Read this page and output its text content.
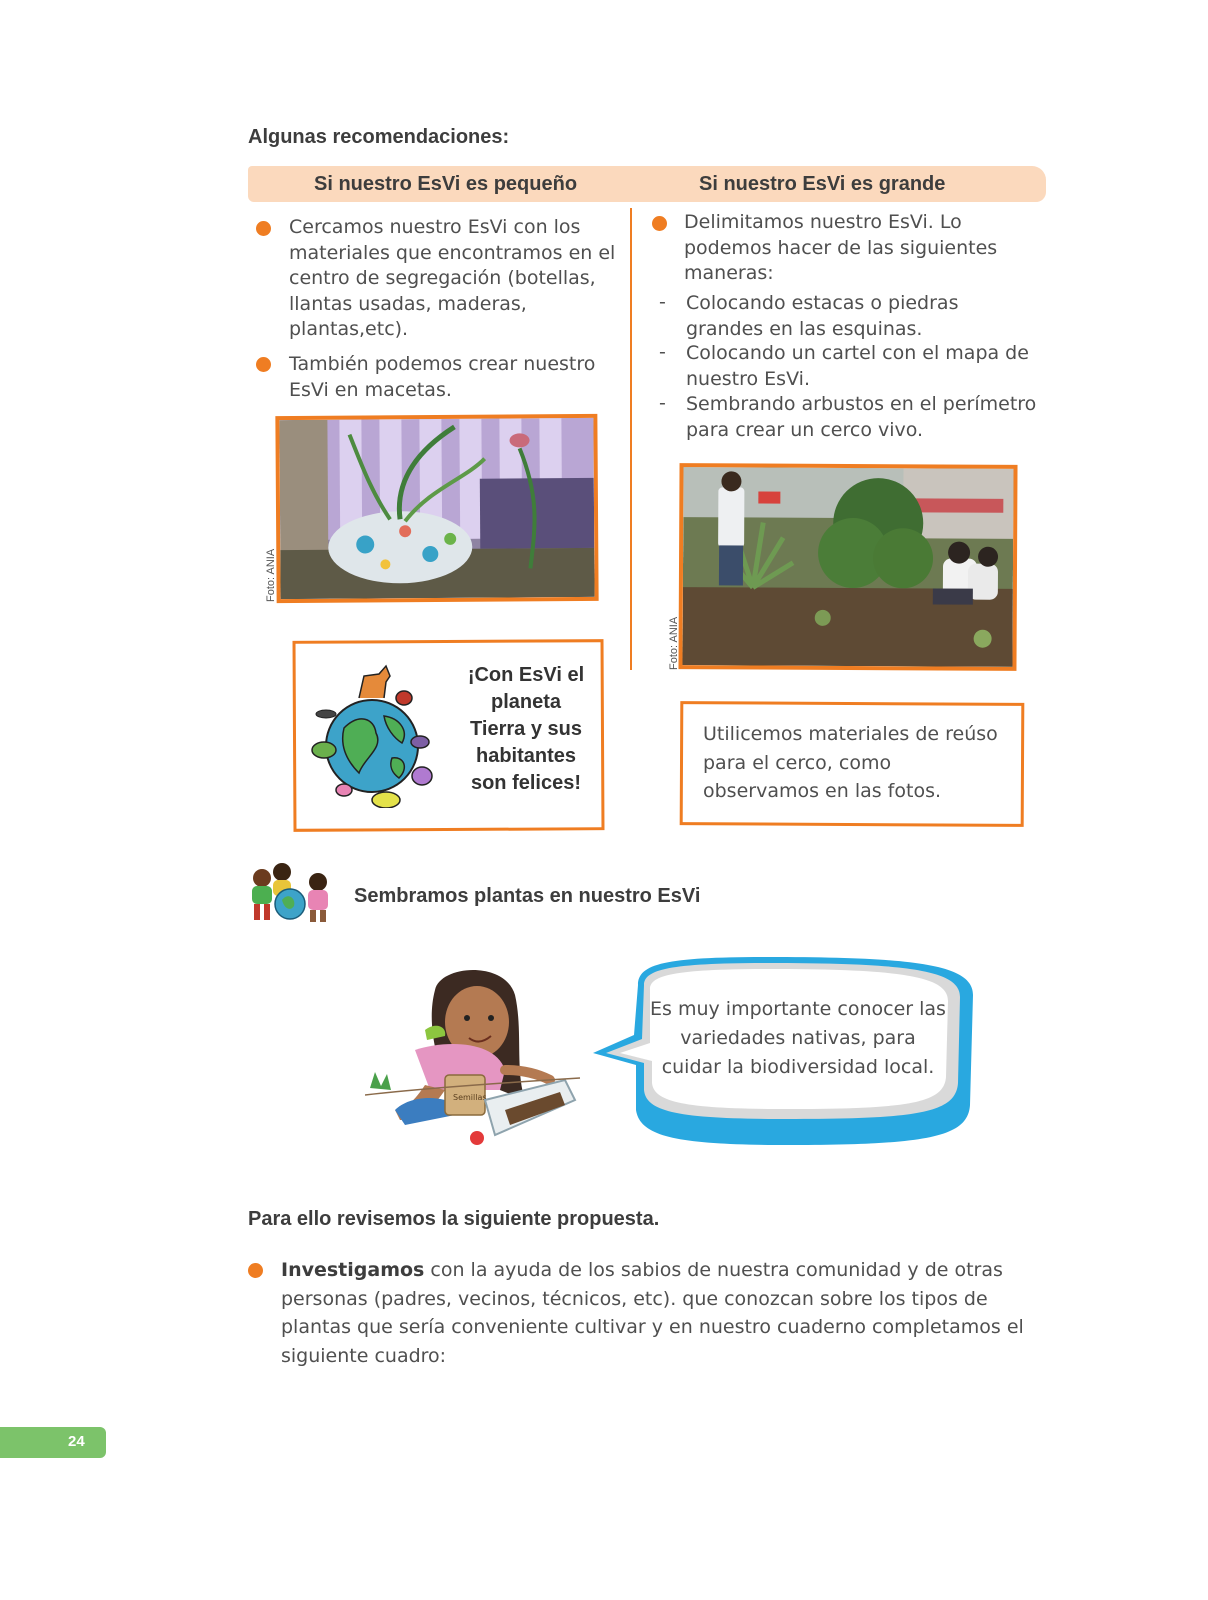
Algunas recomendaciones:
Si nuestro EsVi es pequeño	Si nuestro EsVi es grande
Cercamos nuestro EsVi con los materiales que encontramos en el centro de segregación (botellas, llantas usadas, maderas, plantas,etc).
También podemos crear nuestro EsVi en macetas.
Foto: ANIA
¡Con EsVi el planeta Tierra y sus habitantes son felices!
Delimitamos nuestro EsVi. Lo podemos hacer de las siguientes maneras:
- Colocando estacas o piedras grandes en las esquinas.
- Colocando un cartel con el mapa de nuestro EsVi.
- Sembrando arbustos en el perímetro para crear un cerco vivo.
Foto: ANIA
Utilicemos materiales de reúso para el cerco, como observamos en las fotos.
Sembramos plantas en nuestro EsVi
Semillas
Es muy importante conocer las variedades nativas, para cuidar la biodiversidad local.
Para ello revisemos la siguiente propuesta.
Investigamos con la ayuda de los sabios de nuestra comunidad y de otras personas (padres, vecinos, técnicos, etc). que conozcan sobre los tipos de plantas que sería conveniente cultivar y en nuestro cuaderno completamos el siguiente cuadro:
24
